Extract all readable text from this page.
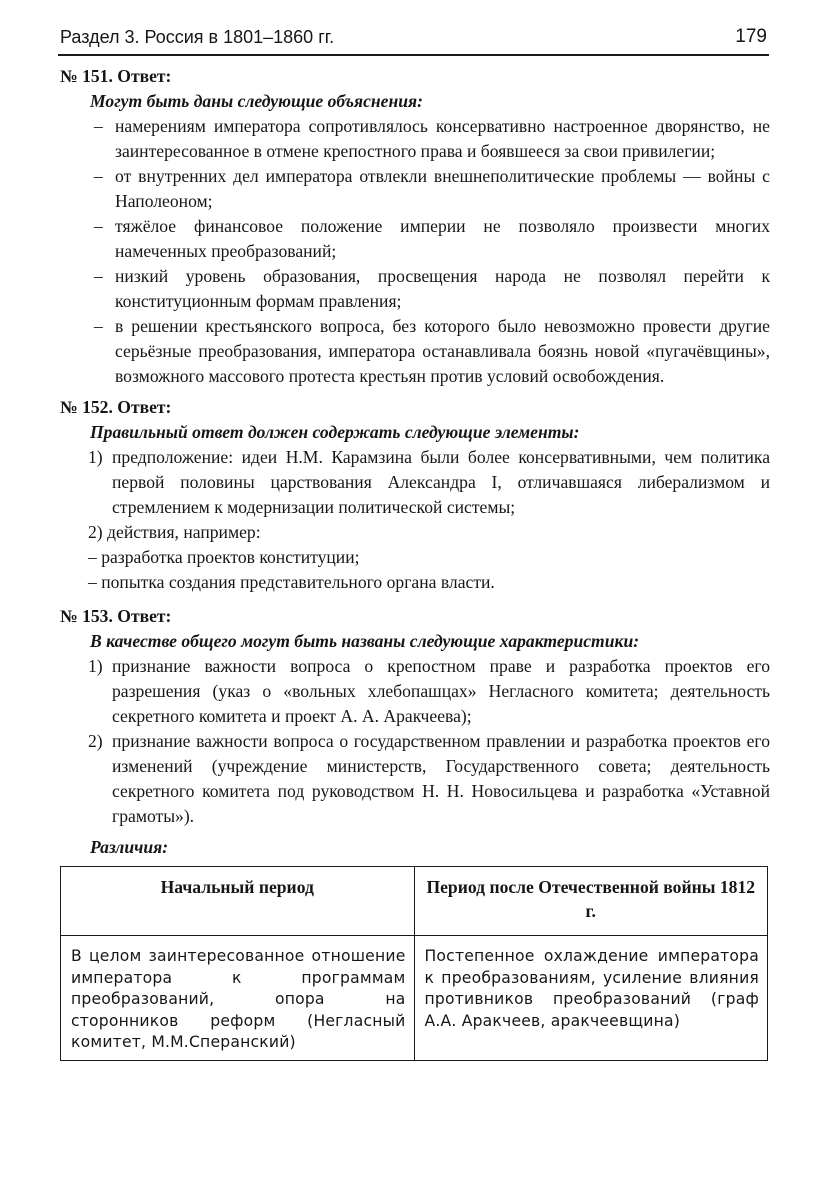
Раздел 3. Россия в 1801–1860 гг.	179

№ 151. Ответ:

Могут быть даны следующие объяснения:

– намерениям императора сопротивлялось консервативно настроенное дворянство, не заинтересованное в отмене крепостного права и боявшееся за свои привилегии;
– от внутренних дел императора отвлекли внешнеполитические проблемы — войны с Наполеоном;
– тяжёлое финансовое положение империи не позволяло произвести многих намеченных преобразований;
– низкий уровень образования, просвещения народа не позволял перейти к конституционным формам правления;
– в решении крестьянского вопроса, без которого было невозможно провести другие серьёзные преобразования, императора останавливала боязнь новой «пугачёвщины», возможного массового протеста крестьян против условий освобождения.

№ 152. Ответ:

Правильный ответ должен содержать следующие элементы:

1) предположение: идеи Н.М. Карамзина были более консервативными, чем политика первой половины царствования Александра I, отличавшаяся либерализмом и стремлением к модернизации политической системы;

2) действия, например:

– разработка проектов конституции;

– попытка создания представительного органа власти.

№ 153. Ответ:

В качестве общего могут быть названы следующие характеристики:

1) признание важности вопроса о крепостном праве и разработка проектов его разрешения (указ о «вольных хлебопашцах» Негласного комитета; деятельность секретного комитета и проект А. А. Аракчеева);
2) признание важности вопроса о государственном правлении и разработка проектов его изменений (учреждение министерств, Государственного совета; деятельность секретного комитета под руководством Н. Н. Новосильцева и разработка «Уставной грамоты»).

Различия:

Начальный период	Период после Отечественной войны 1812 г.
В целом заинтересованное отношение императора к программам преобразований, опора на сторонников реформ (Негласный комитет, М.М.Сперанский)	Постепенное охлаждение императора к преобразованиям, усиление влияния противников преобразований (граф А.А. Аракчеев, аракчеевщина)
